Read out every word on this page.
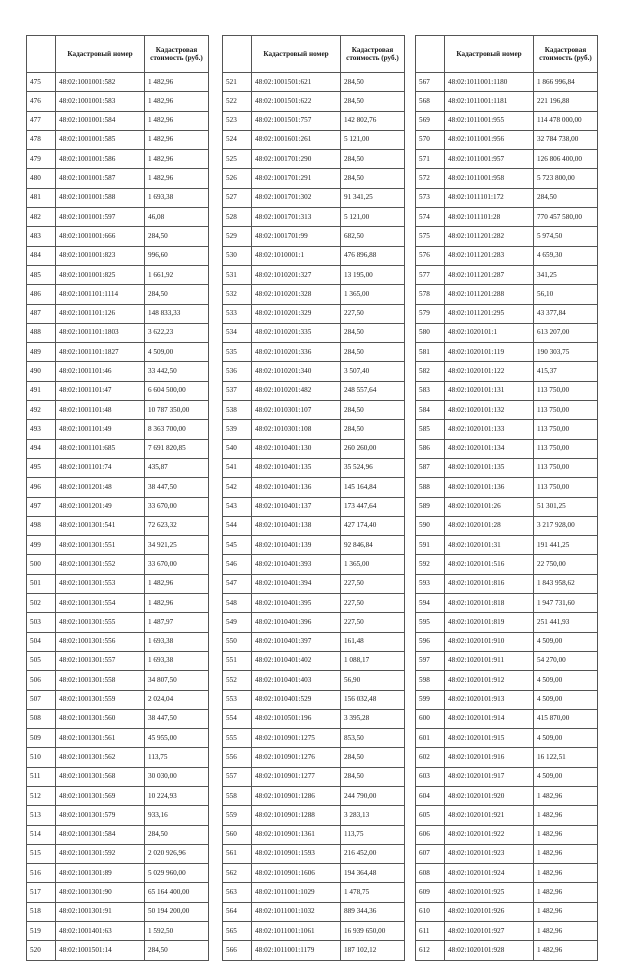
	Кадастровый номер	Кадастровая стоимость (руб.)
475	48:02:1001001:582	1 482,96
476	48:02:1001001:583	1 482,96
477	48:02:1001001:584	1 482,96
478	48:02:1001001:585	1 482,96
479	48:02:1001001:586	1 482,96
480	48:02:1001001:587	1 482,96
481	48:02:1001001:588	1 693,38
482	48:02:1001001:597	46,08
483	48:02:1001001:666	284,50
484	48:02:1001001:823	996,60
485	48:02:1001001:825	1 661,92
486	48:02:1001101:1114	284,50
487	48:02:1001101:126	148 833,33
488	48:02:1001101:1803	3 622,23
489	48:02:1001101:1827	4 509,00
490	48:02:1001101:46	33 442,50
491	48:02:1001101:47	6 604 500,00
492	48:02:1001101:48	10 787 350,00
493	48:02:1001101:49	8 363 700,00
494	48:02:1001101:685	7 691 820,85
495	48:02:1001101:74	435,87
496	48:02:1001201:48	38 447,50
497	48:02:1001201:49	33 670,00
498	48:02:1001301:541	72 623,32
499	48:02:1001301:551	34 921,25
500	48:02:1001301:552	33 670,00
501	48:02:1001301:553	1 482,96
502	48:02:1001301:554	1 482,96
503	48:02:1001301:555	1 487,97
504	48:02:1001301:556	1 693,38
505	48:02:1001301:557	1 693,38
506	48:02:1001301:558	34 807,50
507	48:02:1001301:559	2 024,04
508	48:02:1001301:560	38 447,50
509	48:02:1001301:561	45 955,00
510	48:02:1001301:562	113,75
511	48:02:1001301:568	30 030,00
512	48:02:1001301:569	10 224,93
513	48:02:1001301:579	933,16
514	48:02:1001301:584	284,50
515	48:02:1001301:592	2 020 926,96
516	48:02:1001301:89	5 029 960,00
517	48:02:1001301:90	65 164 400,00
518	48:02:1001301:91	50 194 200,00
519	48:02:1001401:63	1 592,50
520	48:02:1001501:14	284,50
	Кадастровый номер	Кадастровая стоимость (руб.)
521	48:02:1001501:621	284,50
522	48:02:1001501:622	284,50
523	48:02:1001501:757	142 802,76
524	48:02:1001601:261	5 121,00
525	48:02:1001701:290	284,50
526	48:02:1001701:291	284,50
527	48:02:1001701:302	91 341,25
528	48:02:1001701:313	5 121,00
529	48:02:1001701:99	682,50
530	48:02:1010001:1	476 896,88
531	48:02:1010201:327	13 195,00
532	48:02:1010201:328	1 365,00
533	48:02:1010201:329	227,50
534	48:02:1010201:335	284,50
535	48:02:1010201:336	284,50
536	48:02:1010201:340	3 507,40
537	48:02:1010201:482	248 557,64
538	48:02:1010301:107	284,50
539	48:02:1010301:108	284,50
540	48:02:1010401:130	260 260,00
541	48:02:1010401:135	35 524,96
542	48:02:1010401:136	145 164,84
543	48:02:1010401:137	173 447,64
544	48:02:1010401:138	427 174,40
545	48:02:1010401:139	92 846,84
546	48:02:1010401:393	1 365,00
547	48:02:1010401:394	227,50
548	48:02:1010401:395	227,50
549	48:02:1010401:396	227,50
550	48:02:1010401:397	161,48
551	48:02:1010401:402	1 088,17
552	48:02:1010401:403	56,90
553	48:02:1010401:529	156 032,48
554	48:02:1010501:196	3 395,28
555	48:02:1010901:1275	853,50
556	48:02:1010901:1276	284,50
557	48:02:1010901:1277	284,50
558	48:02:1010901:1286	244 790,00
559	48:02:1010901:1288	3 283,13
560	48:02:1010901:1361	113,75
561	48:02:1010901:1593	216 452,00
562	48:02:1010901:1606	194 364,48
563	48:02:1011001:1029	1 478,75
564	48:02:1011001:1032	889 344,36
565	48:02:1011001:1061	16 939 650,00
566	48:02:1011001:1179	187 102,12
	Кадастровый номер	Кадастровая стоимость (руб.)
567	48:02:1011001:1180	1 866 996,84
568	48:02:1011001:1181	221 196,88
569	48:02:1011001:955	114 478 000,00
570	48:02:1011001:956	32 784 738,00
571	48:02:1011001:957	126 806 400,00
572	48:02:1011001:958	5 723 800,00
573	48:02:1011101:172	284,50
574	48:02:1011101:28	770 457 580,00
575	48:02:1011201:282	5 974,50
576	48:02:1011201:283	4 659,30
577	48:02:1011201:287	341,25
578	48:02:1011201:288	56,10
579	48:02:1011201:295	43 377,84
580	48:02:1020101:1	613 207,00
581	48:02:1020101:119	190 303,75
582	48:02:1020101:122	415,37
583	48:02:1020101:131	113 750,00
584	48:02:1020101:132	113 750,00
585	48:02:1020101:133	113 750,00
586	48:02:1020101:134	113 750,00
587	48:02:1020101:135	113 750,00
588	48:02:1020101:136	113 750,00
589	48:02:1020101:26	51 301,25
590	48:02:1020101:28	3 217 928,00
591	48:02:1020101:31	191 441,25
592	48:02:1020101:516	22 750,00
593	48:02:1020101:816	1 843 958,62
594	48:02:1020101:818	1 947 731,60
595	48:02:1020101:819	251 441,93
596	48:02:1020101:910	4 509,00
597	48:02:1020101:911	54 270,00
598	48:02:1020101:912	4 509,00
599	48:02:1020101:913	4 509,00
600	48:02:1020101:914	415 870,00
601	48:02:1020101:915	4 509,00
602	48:02:1020101:916	16 122,51
603	48:02:1020101:917	4 509,00
604	48:02:1020101:920	1 482,96
605	48:02:1020101:921	1 482,96
606	48:02:1020101:922	1 482,96
607	48:02:1020101:923	1 482,96
608	48:02:1020101:924	1 482,96
609	48:02:1020101:925	1 482,96
610	48:02:1020101:926	1 482,96
611	48:02:1020101:927	1 482,96
612	48:02:1020101:928	1 482,96
